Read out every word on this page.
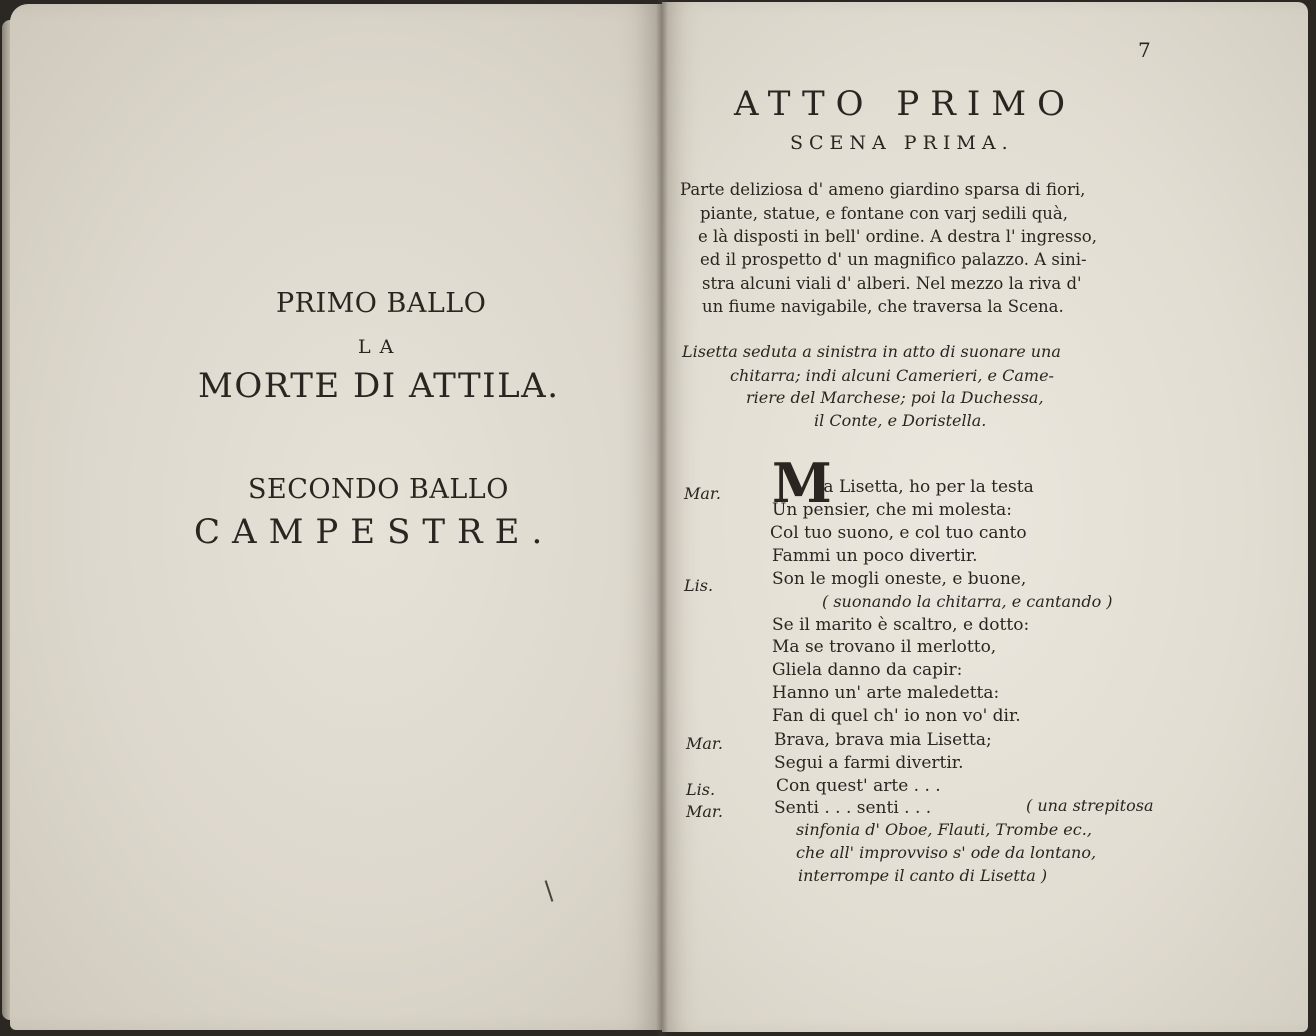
PRIMO BALLO
LA
MORTE DI ATTILA.
SECONDO BALLO
CAMPESTRE.
7
ATTO PRIMO
SCENA PRIMA.
Parte deliziosa d' ameno giardino sparsa di fiori,
piante, statue, e fontane con varj sedili quà,
e là disposti in bell' ordine. A destra l' ingresso,
ed il prospetto d' un magnifico palazzo. A sini-
stra alcuni viali d' alberi. Nel mezzo la riva d'
un fiume navigabile, che traversa la Scena.
Lisetta seduta a sinistra in atto di suonare una
chitarra; indi alcuni Camerieri, e Came-
riere del Marchese; poi la Duchessa,
il Conte, e Doristella.
Mar.
Lis.
Mar.
Lis.
Mar.
M
ia Lisetta, ho per la testa
Un pensier, che mi molesta:
Col tuo suono, e col tuo canto
Fammi un poco divertir.
Son le mogli oneste, e buone,
( suonando la chitarra, e cantando )
Se il marito è scaltro, e dotto:
Ma se trovano il merlotto,
Gliela danno da capir:
Hanno un' arte maledetta:
Fan di quel ch' io non vo' dir.
Brava, brava mia Lisetta;
Segui a farmi divertir.
Con quest' arte . . .
Senti . . . senti . . .	( una strepitosa
sinfonia d' Oboe, Flauti, Trombe ec.,
che all' improvviso s' ode da lontano,
interrompe il canto di Lisetta )
